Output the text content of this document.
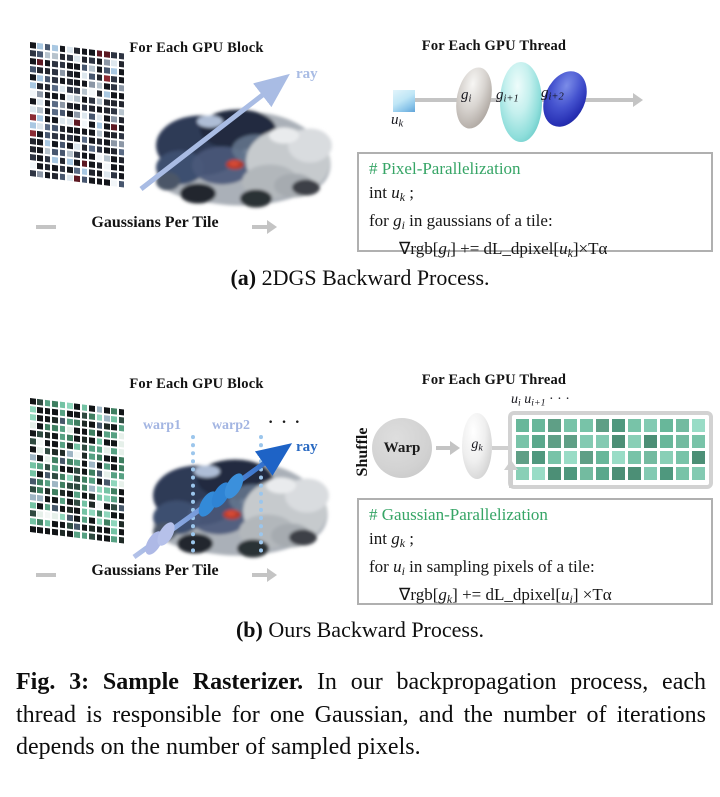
For Each GPU Block
ray
Gaussians Per Tile
For Each GPU Thread
uk
gi gi+1 gi+2
# Pixel-Parallelization
int uk ;
for gi in gaussians of a tile:
∇rgb[gi] += dL_dpixel[uk]×Tα
(a) 2DGS Backward Process.
For Each GPU Block
warp1	warp2	· · ·
ray
Gaussians Per Tile
Shuffle
For Each GPU Thread
ui ui+1 · · ·
Warp	gk
# Gaussian-Parallelization
int gk ;
for ui in sampling pixels of a tile:
∇rgb[gk] += dL_dpixel[ui] ×Tα
(b) Ours Backward Process.
Fig. 3: Sample Rasterizer. In our backpropagation process, each thread is responsible for one Gaussian, and the number of iterations depends on the number of sampled pixels.
